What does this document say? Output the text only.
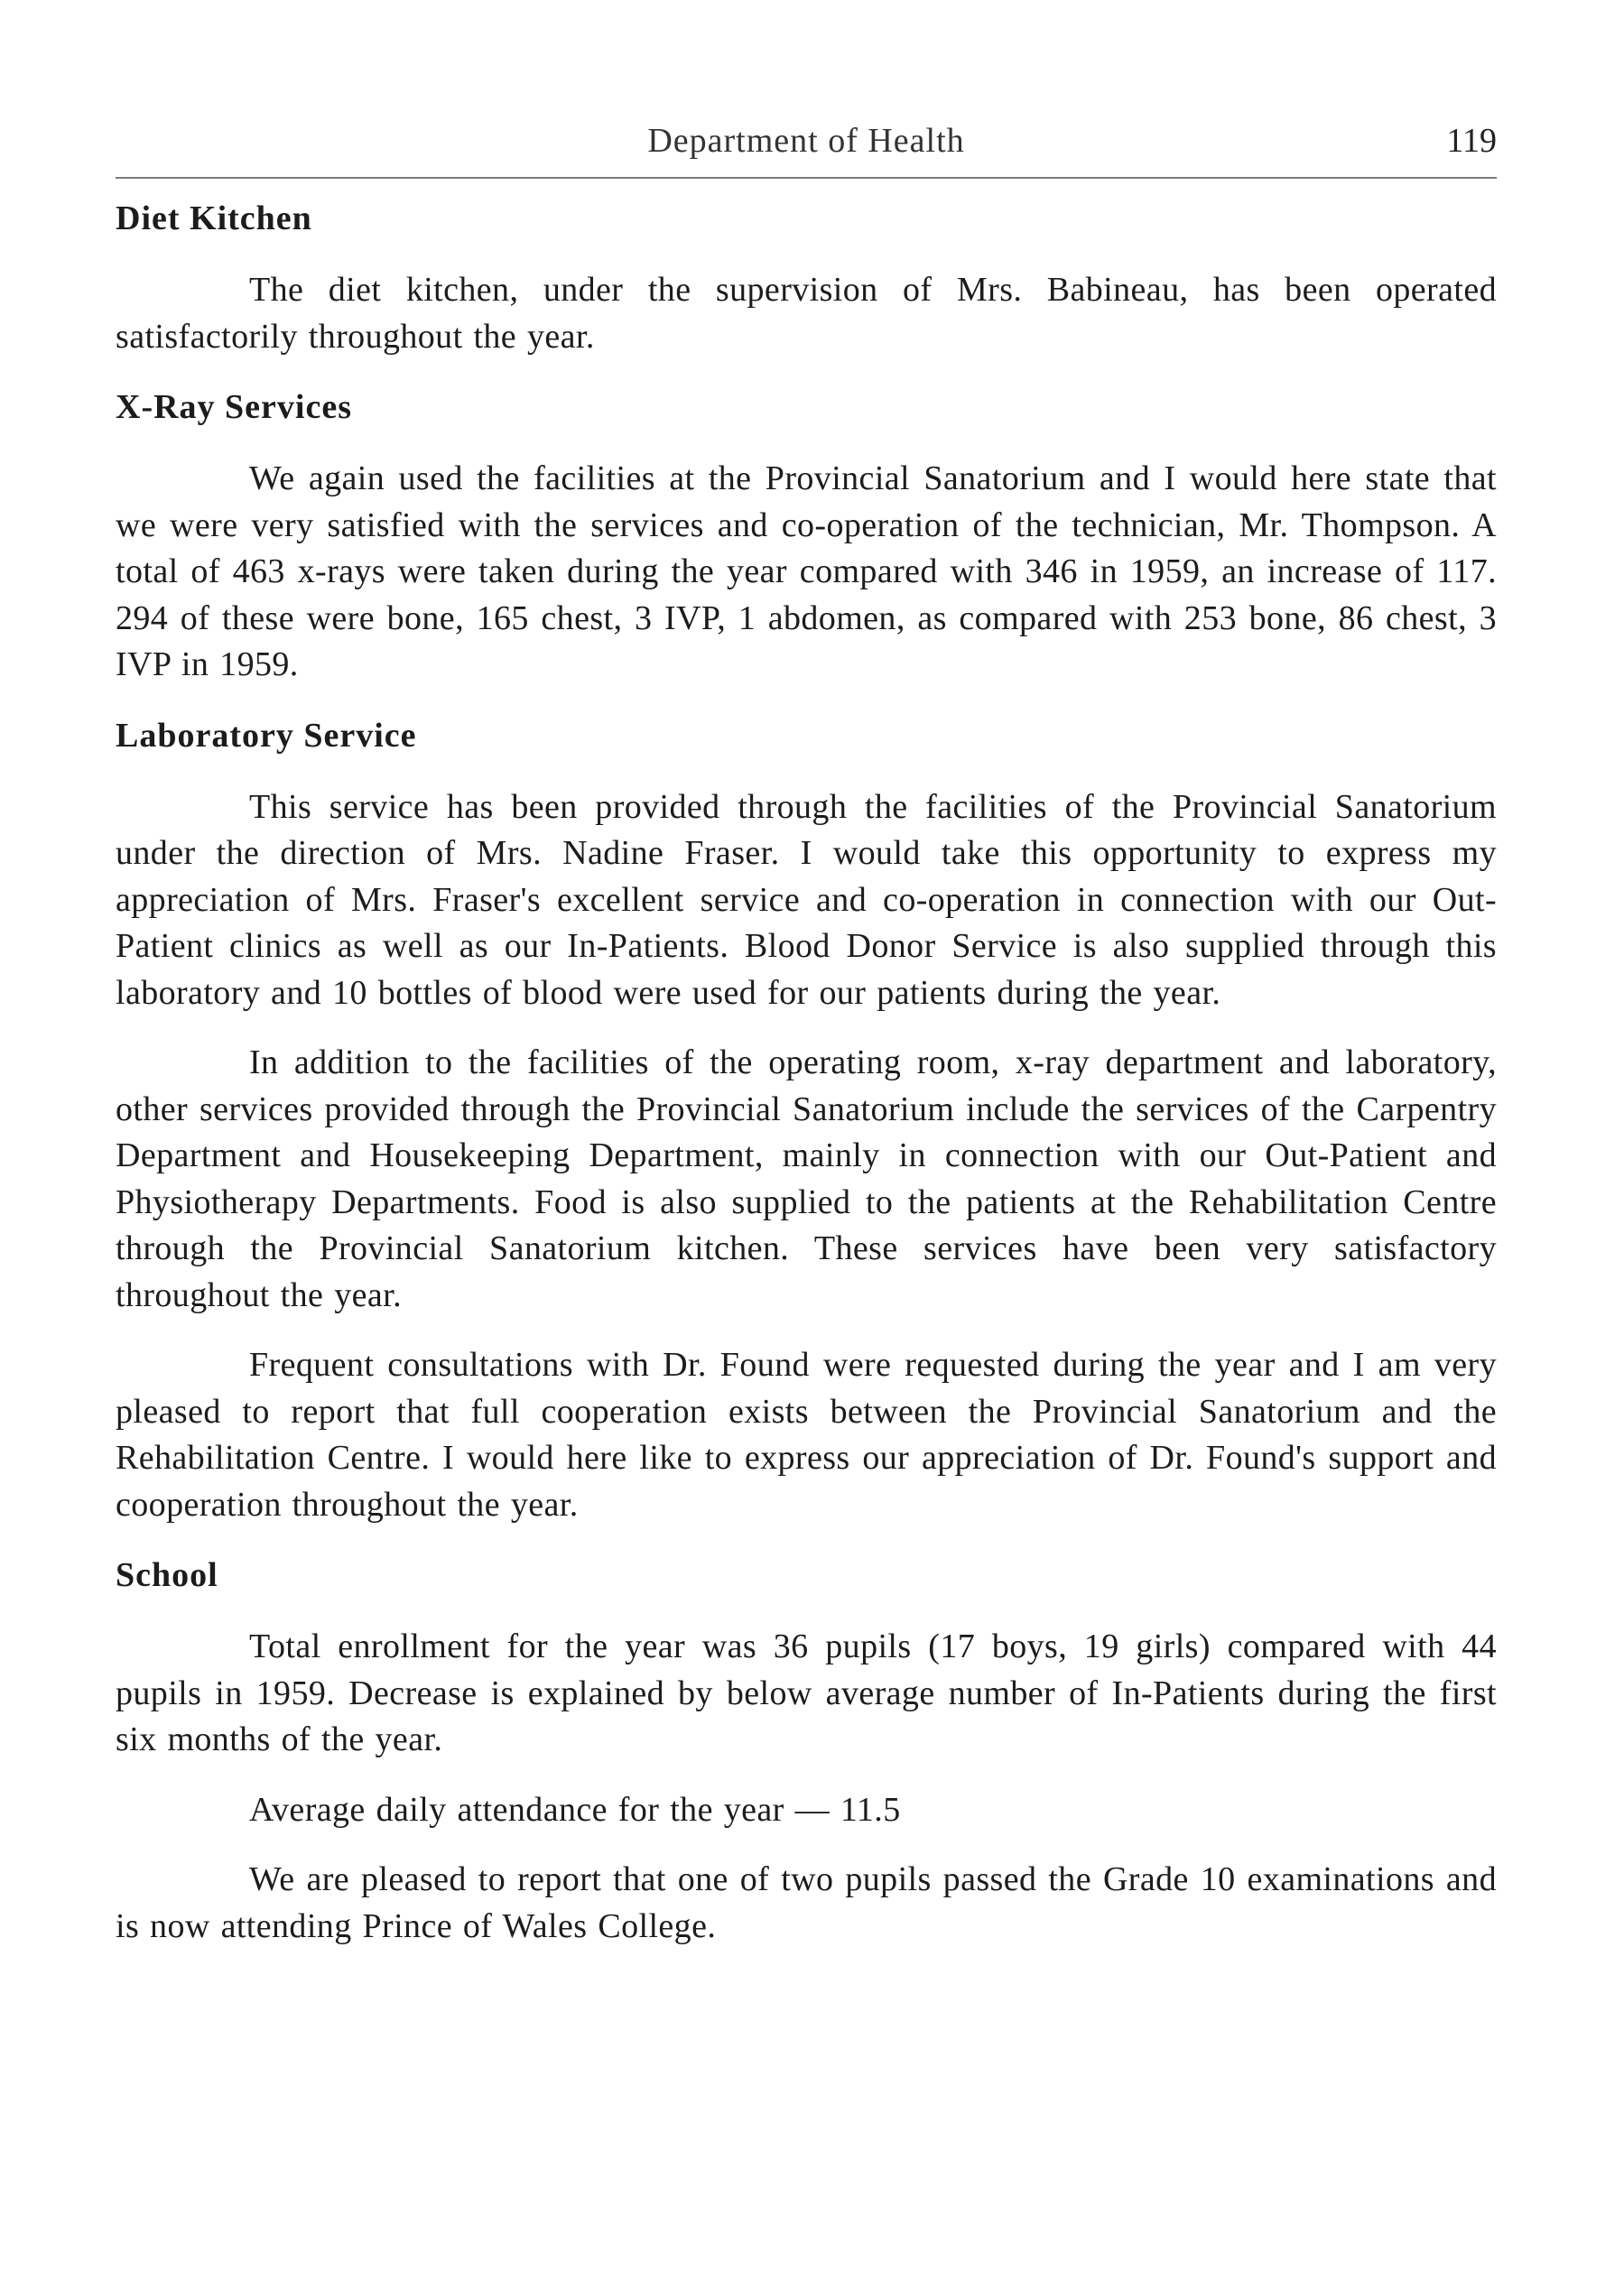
Department of Health	119
Diet Kitchen

The diet kitchen, under the supervision of Mrs. Babineau, has been operated satisfactorily throughout the year.

X-Ray Services

We again used the facilities at the Provincial Sanatorium and I would here state that we were very satisfied with the services and co-operation of the technician, Mr. Thompson. A total of 463 x-rays were taken during the year compared with 346 in 1959, an increase of 117. 294 of these were bone, 165 chest, 3 IVP, 1 abdomen, as compared with 253 bone, 86 chest, 3 IVP in 1959.

Laboratory Service

This service has been provided through the facilities of the Provincial Sanatorium under the direction of Mrs. Nadine Fraser. I would take this opportunity to express my appreciation of Mrs. Fraser's excellent service and co-operation in connection with our Out-Patient clinics as well as our In-Patients. Blood Donor Service is also supplied through this laboratory and 10 bottles of blood were used for our patients during the year.

In addition to the facilities of the operating room, x-ray department and laboratory, other services provided through the Provincial Sanatorium include the services of the Carpentry Department and Housekeeping Department, mainly in connection with our Out-Patient and Physiotherapy Departments. Food is also supplied to the patients at the Rehabilitation Centre through the Provincial Sanatorium kitchen. These services have been very satisfactory throughout the year.

Frequent consultations with Dr. Found were requested during the year and I am very pleased to report that full cooperation exists between the Provincial Sanatorium and the Rehabilitation Centre. I would here like to express our appreciation of Dr. Found's support and cooperation throughout the year.

School

Total enrollment for the year was 36 pupils (17 boys, 19 girls) compared with 44 pupils in 1959. Decrease is explained by below average number of In-Patients during the first six months of the year.

Average daily attendance for the year — 11.5

We are pleased to report that one of two pupils passed the Grade 10 examinations and is now attending Prince of Wales College.
